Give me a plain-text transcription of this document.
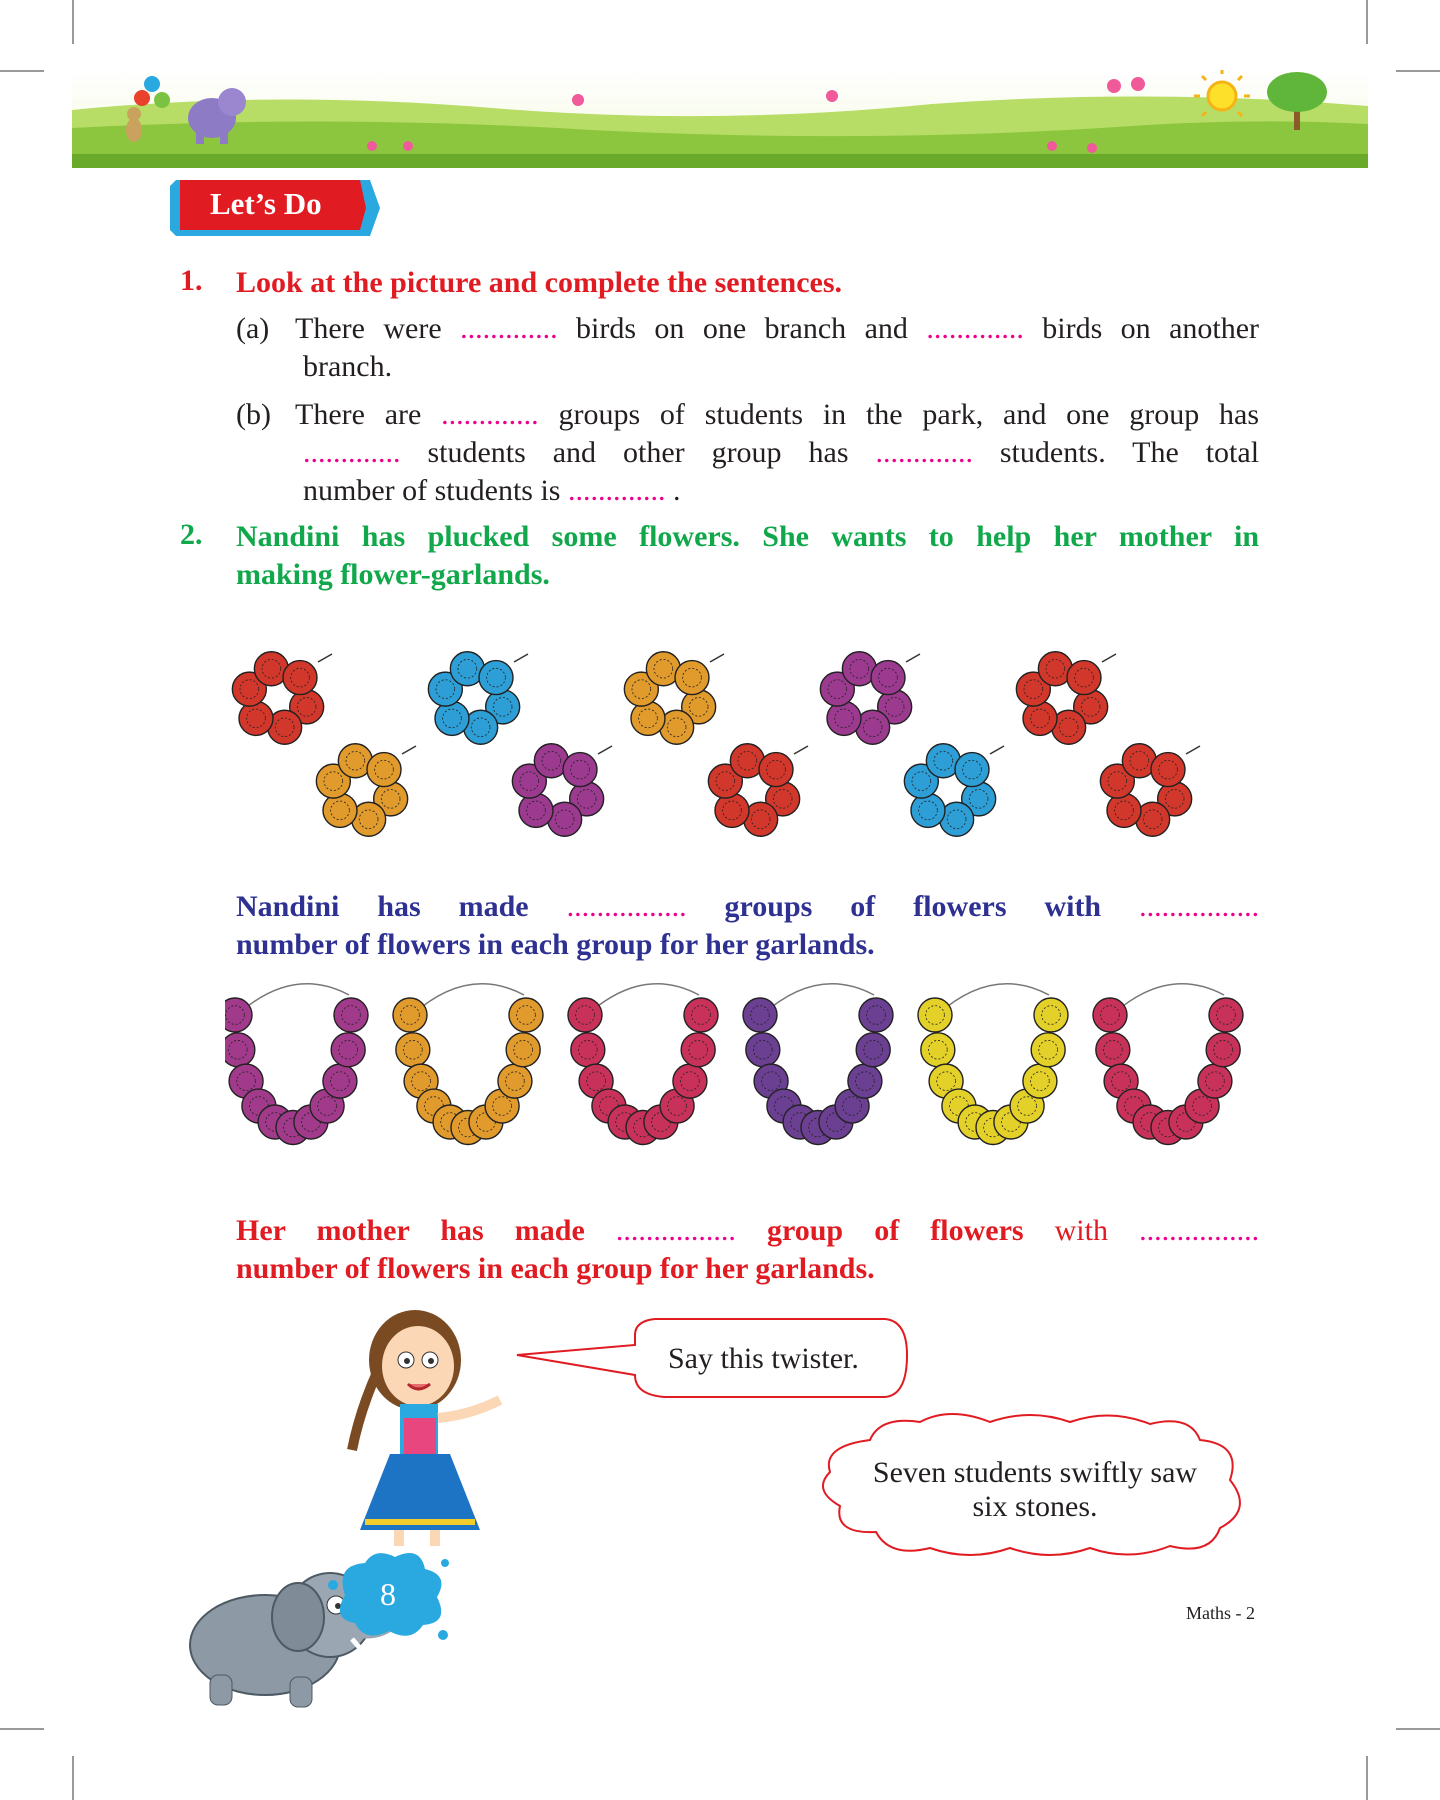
Let’s Do
1. Look at the picture and complete the sentences.
(a) There were ............. birds on one branch and ............. birds on another
branch.
(b) There are ............. groups of students in the park, and one group has
............. students and other group has ............. students. The total
number of students is ............. .
2. Nandini has plucked some flowers. She wants to help her mother in
making flower-garlands.
Nandini has made ................ groups of flowers with ................
number of flowers in each group for her garlands.
Her mother has made ................ group of flowers with ................
number of flowers in each group for her garlands.
Say this twister.
Seven students swiftly saw
six stones.
8
Maths - 2
